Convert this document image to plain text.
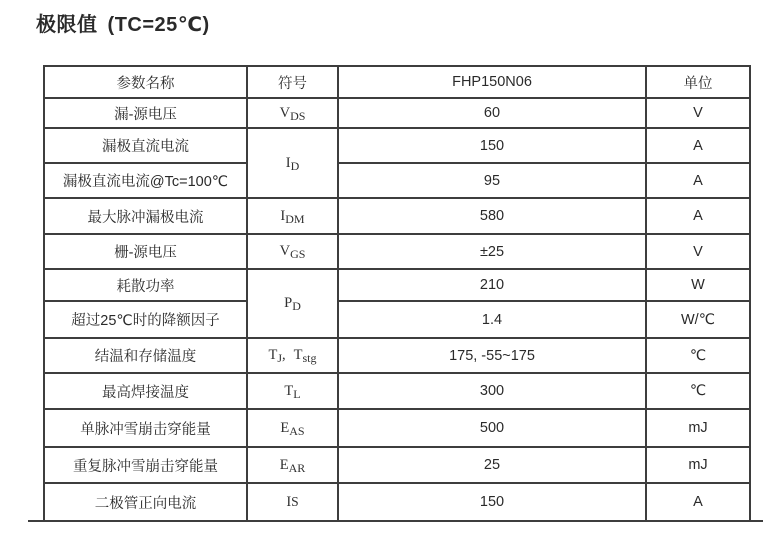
极限值 (TC=25℃)
参数名称	符号	FHP150N06	单位
漏-源电压	$V_{DS}$	60	V
漏极直流电流	$I_D$	150	A
漏极直流电流@Tc=100℃		95	A
最大脉冲漏极电流	$I_{DM}$	580	A
栅-源电压	$V_{GS}$	±25	V
耗散功率	$P_D$	210	W
超过25℃时的降额因子		1.4	W/℃
结温和存储温度	$T_J$, $T_{stg}$	175, -55~175	℃
最高焊接温度	$T_L$	300	℃
单脉冲雪崩击穿能量	$E_{AS}$	500	mJ
重复脉冲雪崩击穿能量	$E_{AR}$	25	mJ
二极管正向电流	IS	150	A
